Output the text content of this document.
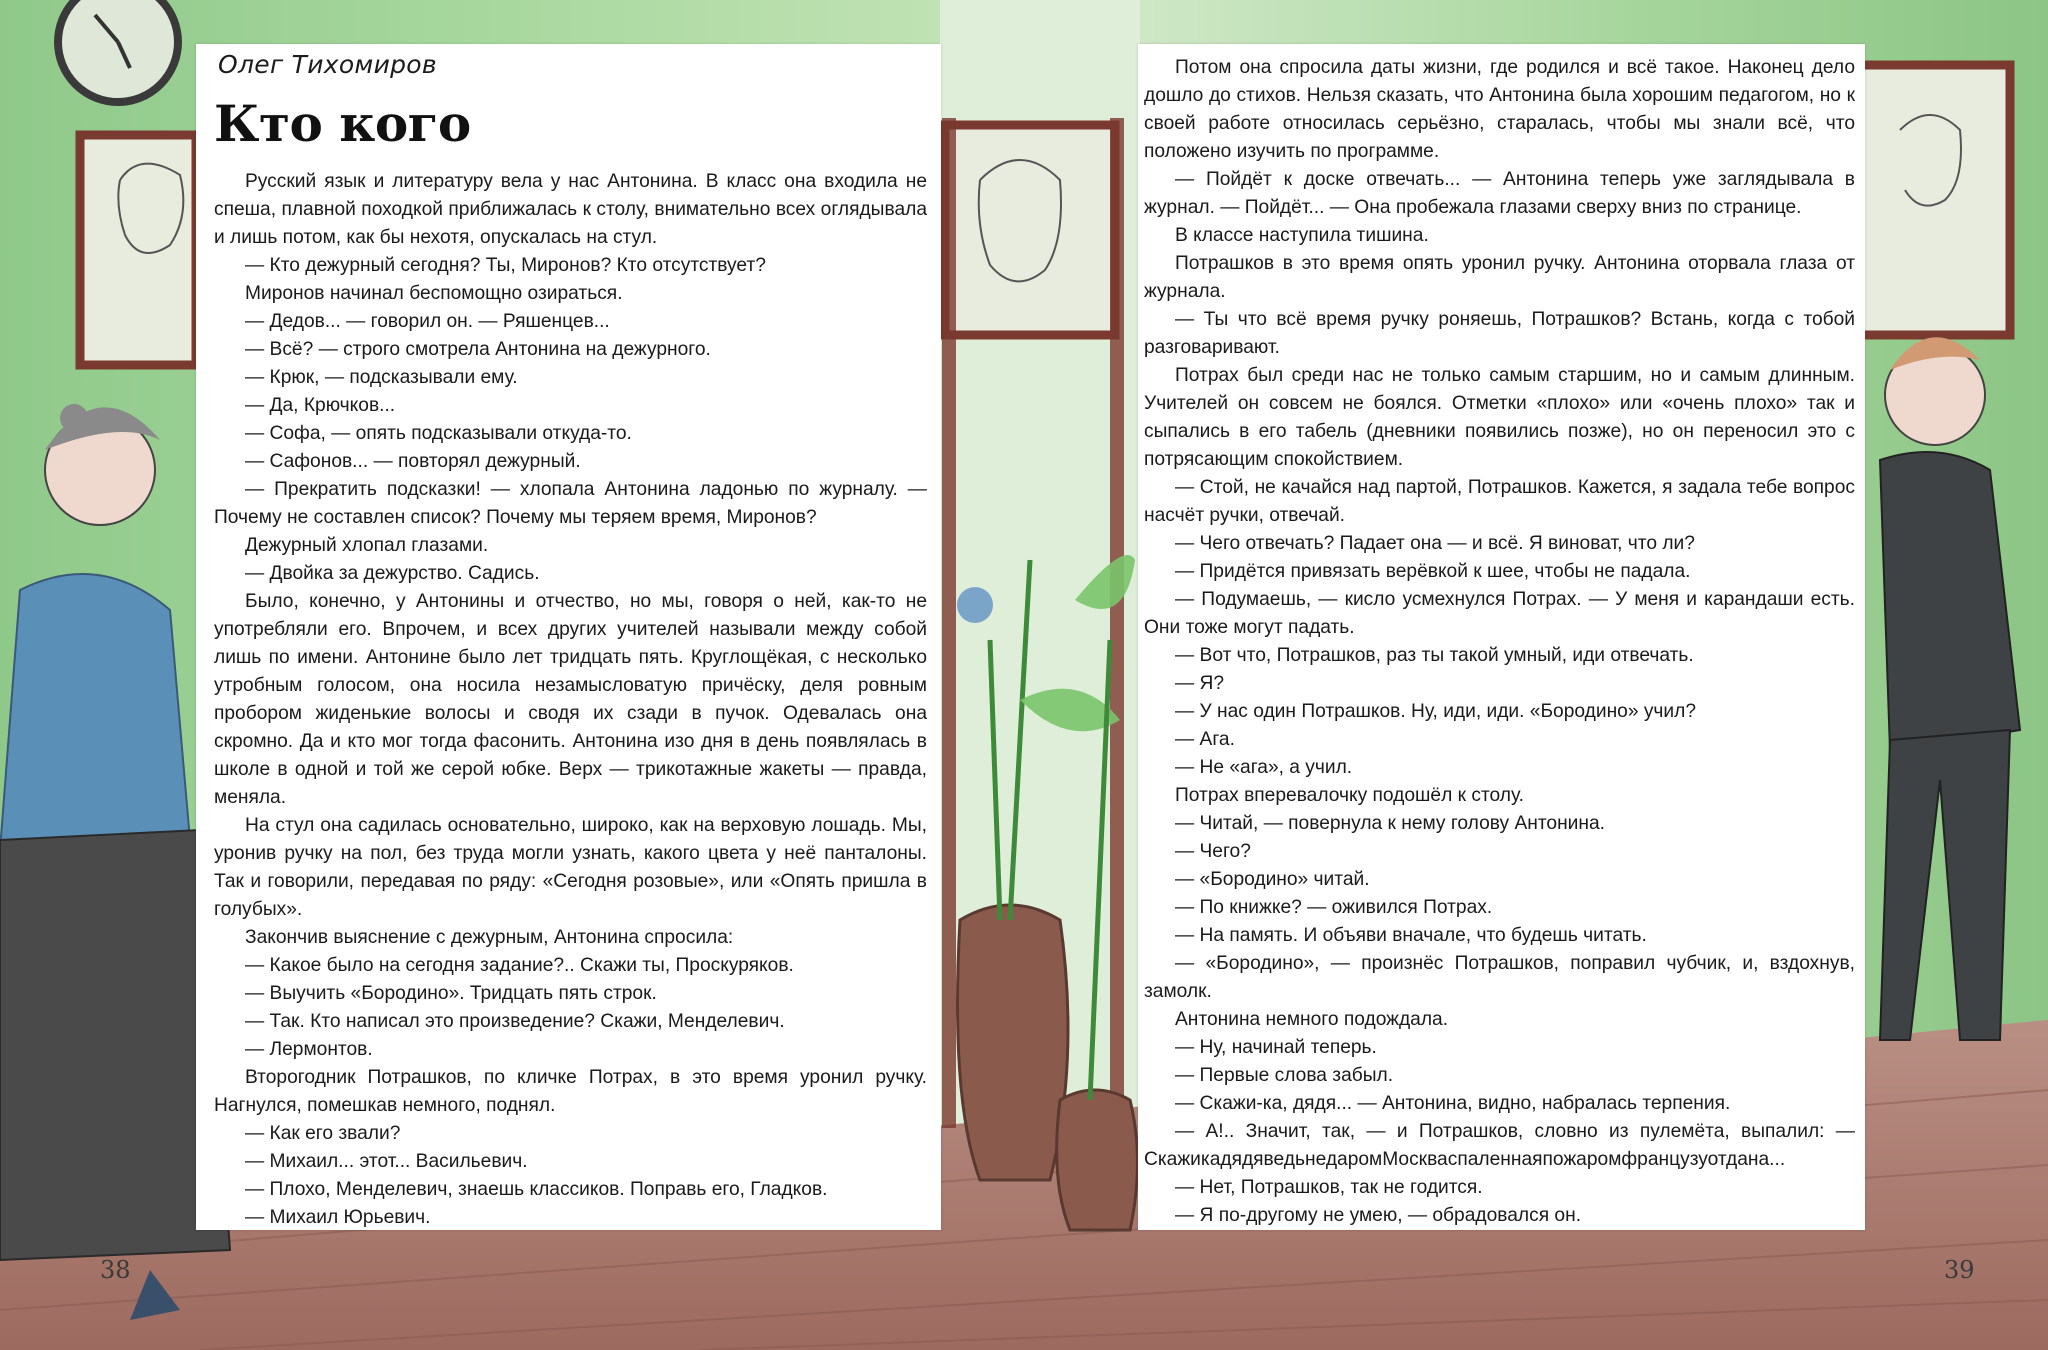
Олег Тихомиров
Кто кого

Русский язык и литературу вела у нас Антонина. В класс она входила не спеша, плавной походкой приближалась к столу, внимательно всех оглядывала и лишь потом, как бы нехотя, опускалась на стул.

— Кто дежурный сегодня? Ты, Миронов? Кто отсутствует?

Миронов начинал беспомощно озираться.

— Дедов... — говорил он. — Ряшенцев...

— Всё? — строго смотрела Антонина на дежурного.

— Крюк, — подсказывали ему.

— Да, Крючков...

— Софа, — опять подсказывали откуда-то.

— Сафонов... — повторял дежурный.

— Прекратить подсказки! — хлопала Антонина ладонью по журналу. — Почему не составлен список? Почему мы теряем время, Миронов?

Дежурный хлопал глазами.

— Двойка за дежурство. Садись.

Было, конечно, у Антонины и отчество, но мы, говоря о ней, как-то не употребляли его. Впрочем, и всех других учителей называли между собой лишь по имени. Антонине было лет тридцать пять. Круглощёкая, с несколько утробным голосом, она носила незамысловатую причёску, деля ровным пробором жиденькие волосы и сводя их сзади в пучок. Одевалась она скромно. Да и кто мог тогда фасонить. Антонина изо дня в день появлялась в школе в одной и той же серой юбке. Верх — трикотажные жакеты — правда, меняла.

На стул она садилась основательно, широко, как на верховую лошадь. Мы, уронив ручку на пол, без труда могли узнать, какого цвета у неё панталоны. Так и говорили, передавая по ряду: «Сегодня розовые», или «Опять пришла в голубых».

Закончив выяснение с дежурным, Антонина спросила:

— Какое было на сегодня задание?.. Скажи ты, Проскуряков.

— Выучить «Бородино». Тридцать пять строк.

— Так. Кто написал это произведение? Скажи, Менделевич.

— Лермонтов.

Второгодник Потрашков, по кличке Потрах, в это время уронил ручку. Нагнулся, помешкав немного, поднял.

— Как его звали?

— Михаил... этот... Васильевич.

— Плохо, Менделевич, знаешь классиков. Поправь его, Гладков.

— Михаил Юрьевич.

Потом она спросила даты жизни, где родился и всё такое. Наконец дело дошло до стихов. Нельзя сказать, что Антонина была хорошим педагогом, но к своей работе относилась серьёзно, старалась, чтобы мы знали всё, что положено изучить по программе.

— Пойдёт к доске отвечать... — Антонина теперь уже заглядывала в журнал. — Пойдёт... — Она пробежала глазами сверху вниз по странице.

В классе наступила тишина.

Потрашков в это время опять уронил ручку. Антонина оторвала глаза от журнала.

— Ты что всё время ручку роняешь, Потрашков? Встань, когда с тобой разговаривают.

Потрах был среди нас не только самым старшим, но и самым длинным. Учителей он совсем не боялся. Отметки «плохо» или «очень плохо» так и сыпались в его табель (дневники появились позже), но он переносил это с потрясающим спокойствием.

— Стой, не качайся над партой, Потрашков. Кажется, я задала тебе вопрос насчёт ручки, отвечай.

— Чего отвечать? Падает она — и всё. Я виноват, что ли?

— Придётся привязать верёвкой к шее, чтобы не падала.

— Подумаешь, — кисло усмехнулся Потрах. — У меня и карандаши есть. Они тоже могут падать.

— Вот что, Потрашков, раз ты такой умный, иди отвечать.

— Я?

— У нас один Потрашков. Ну, иди, иди. «Бородино» учил?

— Ага.

— Не «ага», а учил.

Потрах вперевалочку подошёл к столу.

— Читай, — повернула к нему голову Антонина.

— Чего?

— «Бородино» читай.

— По книжке? — оживился Потрах.

— На память. И объяви вначале, что будешь читать.

— «Бородино», — произнёс Потрашков, поправил чубчик, и, вздохнув, замолк.

Антонина немного подождала.

— Ну, начинай теперь.

— Первые слова забыл.

— Скажи-ка, дядя... — Антонина, видно, набралась терпения.

— А!.. Значит, так, — и Потрашков, словно из пулемёта, выпалил: — СкажикадядяведьнедаромМоскваспаленнаяпожаромфранцузуотдана...

— Нет, Потрашков, так не годится.

— Я по-другому не умею, — обрадовался он.

38	39
